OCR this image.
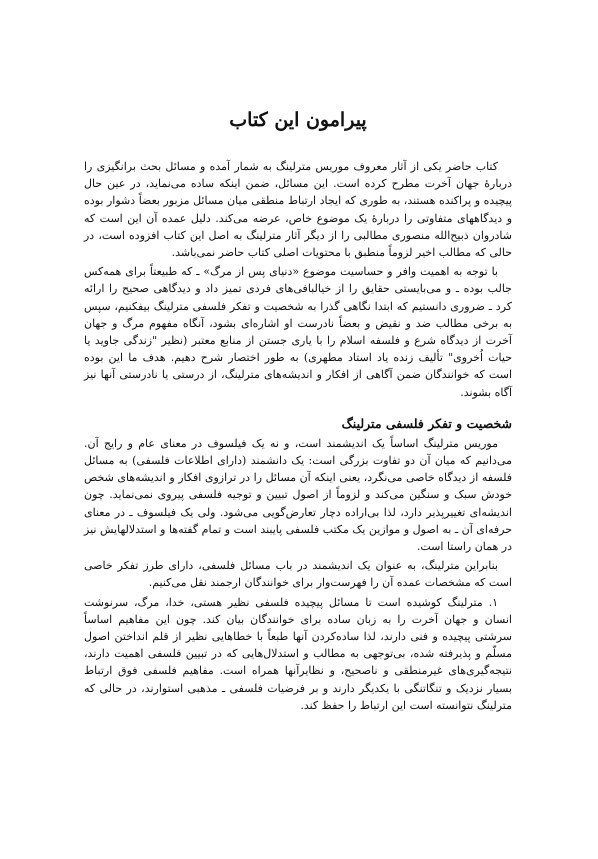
پیرامون این کتاب

کتاب حاضر یکی از آثار معروف موریس مترلینگ به شمار آمده و مسائل بحث برانگیزی را دربارهٔ جهان آخرت مطرح کرده است. این مسائل، ضمن اینکه ساده می‌نماید، در عین حال پیچیده و پراکنده هستند، به طوری که ایجاد ارتباط منطقی میان مسائل مزبور بعضاً دشوار بوده و دیدگاههای متفاوتی را دربارهٔ یک موضوع خاص، عرضه می‌کند. دلیل عمده آن این است که شادروان ذبیح‌الله منصوری مطالبی را از دیگر آثار مترلینگ به اصل این کتاب افزوده است، در حالی که مطالب اخیر لزوماً منطبق با محتویات اصلی کتاب حاضر نمی‌باشد.

با توجه به اهمیت وافر و حساسیت موضوع «دنیای پس از مرگ» ـ که طبیعتاً برای همه‌کس جالب بوده ـ و می‌بایستی حقایق را از خیالبافی‌های فردی تمیز داد و دیدگاهی صحیح را ارائه کرد ـ ضروری دانستیم که ابتدا نگاهی گذرا به شخصیت و تفکر فلسفی مترلینگ بیفکنیم، سپس به برخی مطالب ضد و نقیض و بعضاً نادرست او اشاره‌ای بشود، آنگاه مفهوم مرگ و جهان آخرت از دیدگاه شرع و فلسفه اسلام را با یاری جستن از منابع معتبر (نظیر "زندگی جاوید یا حیات اُخروی" تألیف زنده یاد استاد مطهری) به طور اختصار شرح دهیم. هدف ما این بوده است که خوانندگان ضمن آگاهی از افکار و اندیشه‌های مترلینگ، از درستی یا نادرستی آنها نیز آگاه بشوند.

شخصیت و تفکر فلسفی مترلینگ

موریس مترلینگ اساساً یک اندیشمند است، و نه یک فیلسوف در معنای عام و رایج آن. می‌دانیم که میان آن دو تفاوت بزرگی است: یک دانشمند (دارای اطلاعات فلسفی) به مسائل فلسفه از دیدگاه خاصی می‌نگرد، یعنی اینکه آن مسائل را در ترازوی افکار و اندیشه‌های شخص خودش سبک و سنگین می‌کند و لزوماً از اصول تبیین و توجیه فلسفی پیروی نمی‌نماید. چون اندیشه‌ای تغییرپذیر دارد، لذا بی‌اراده دچار تعارض‌گویی می‌شود. ولی یک فیلسوف ـ در معنای حرفه‌ای آن ـ به اصول و موازین یک مکتب فلسفی پایبند است و تمام گفته‌ها و استدلالهایش نیز در همان راستا است.

بنابراین مترلینگ، به عنوان یک اندیشمند در باب مسائل فلسفی، دارای طرز تفکر خاصی است که مشخصات عمده آن را فهرست‌وار برای خوانندگان ارجمند نقل می‌کنیم.

۱. مترلینگ کوشیده است تا مسائل پیچیده فلسفی نظیر هستی، خدا، مرگ، سرنوشت انسان و جهان آخرت را به زبان ساده برای خوانندگان بیان کند. چون این مفاهیم اساساً سرشتی پیچیده و فنی دارند، لذا ساده‌کردن آنها طبعاً با خطاهایی نظیر از قلم انداختن اصول مسلّم و پذیرفته شده، بی‌توجهی به مطالب و استدلال‌هایی که در تبیین فلسفی اهمیت دارند، نتیجه‌گیری‌های غیرمنطقی و ناصحیح، و نظایرآنها همراه است. مفاهیم فلسفی فوق ارتباط بسیار نزدیک و تنگاتنگی با یکدیگر دارند و بر فرضیات فلسفی ـ مذهبی استوارند، در حالی که مترلینگ نتوانسته است این ارتباط را حفظ کند.
